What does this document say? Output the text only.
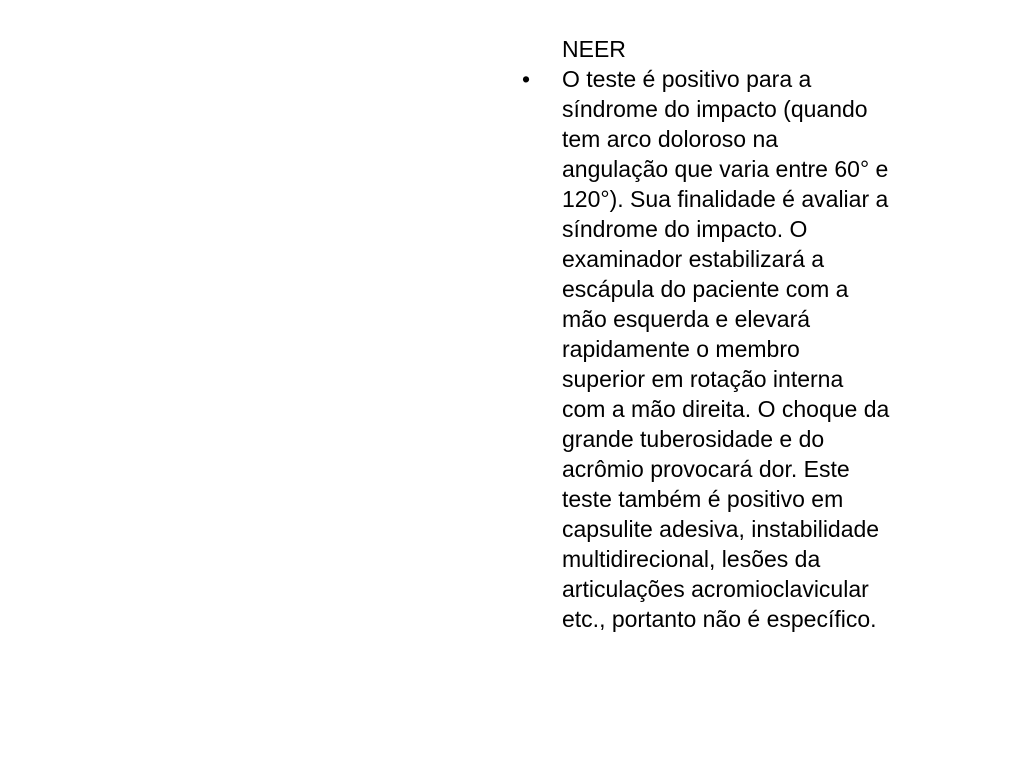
NEER
•	O teste é positivo para a
síndrome do impacto (quando
tem arco doloroso na
angulação que varia entre 60° e
120°). Sua finalidade é avaliar a
síndrome do impacto. O
examinador estabilizará a
escápula do paciente com a
mão esquerda e elevará
rapidamente o membro
superior em rotação interna
com a mão direita. O choque da
grande tuberosidade e do
acrômio provocará dor. Este
teste também é positivo em
capsulite adesiva, instabilidade
multidirecional, lesões da
articulações acromioclavicular
etc., portanto não é específico.
